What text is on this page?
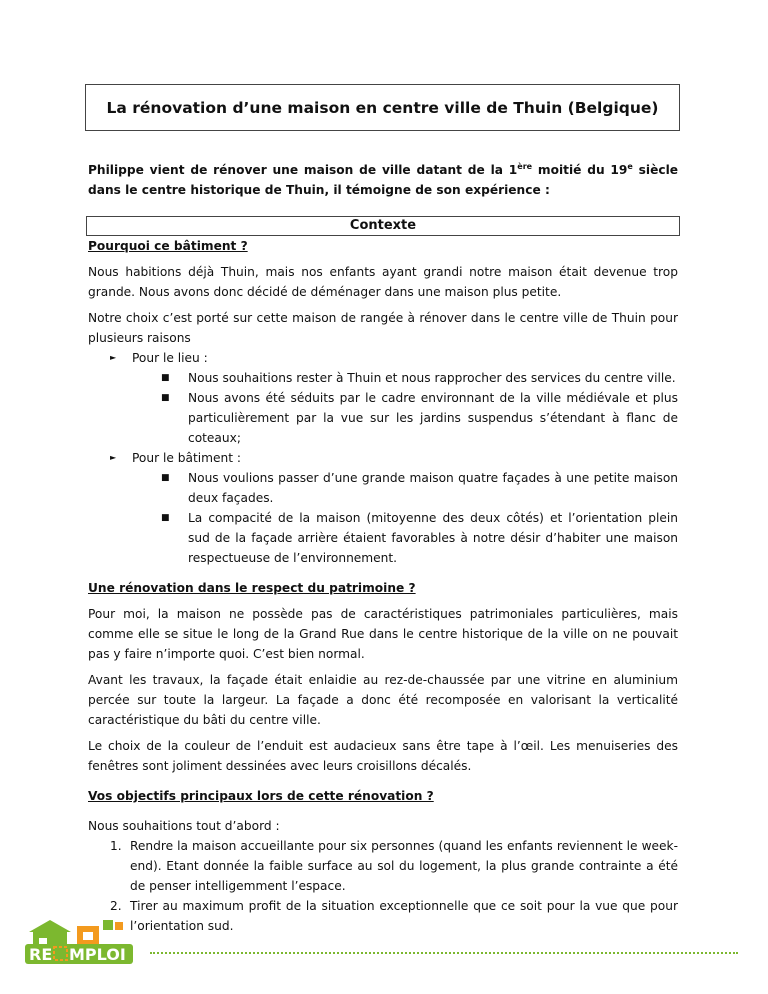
La rénovation d’une maison en centre ville de Thuin (Belgique)
Philippe vient de rénover une maison de ville datant de la 1ère moitié du 19e siècle dans le centre historique de Thuin, il témoigne de son expérience :
Contexte

Pourquoi ce bâtiment ?

Nous habitions déjà Thuin, mais nos enfants ayant grandi notre maison était devenue trop grande. Nous avons donc décidé de déménager dans une maison plus petite.

Notre choix c’est porté sur cette maison de rangée à rénover dans le centre ville de Thuin pour plusieurs raisons

► Pour le lieu :
■ Nous souhaitions rester à Thuin et nous rapprocher des services du centre ville.
■ Nous avons été séduits par le cadre environnant de la ville médiévale et plus particulièrement par la vue sur les jardins suspendus s’étendant à flanc de coteaux;
► Pour le bâtiment :
■ Nous voulions passer d’une grande maison quatre façades à une petite maison deux façades.
■ La compacité de la maison (mitoyenne des deux côtés) et l’orientation plein sud de la façade arrière étaient favorables à notre désir d’habiter une maison respectueuse de l’environnement.

Une rénovation dans le respect du patrimoine ?

Pour moi, la maison ne possède pas de caractéristiques patrimoniales particulières, mais comme elle se situe le long de la Grand Rue dans le centre historique de la ville on ne pouvait pas y faire n’importe quoi. C’est bien normal.

Avant les travaux, la façade était enlaidie au rez-de-chaussée par une vitrine en aluminium percée sur toute la largeur. La façade a donc été recomposée en valorisant la verticalité caractéristique du bâti du centre ville.

Le choix de la couleur de l’enduit est audacieux sans être tape à l’œil. Les menuiseries des fenêtres sont joliment dessinées avec leurs croisillons décalés.

Vos objectifs principaux lors de cette rénovation ?

Nous souhaitions tout d’abord :

1. Rendre la maison accueillante pour six personnes (quand les enfants reviennent le week-end). Etant donnée la faible surface au sol du logement, la plus grande contrainte a été de penser intelligemment l’espace.
2. Tirer au maximum profit de la situation exceptionnelle que ce soit pour la vue que pour l’orientation sud.
RE MPLOI
